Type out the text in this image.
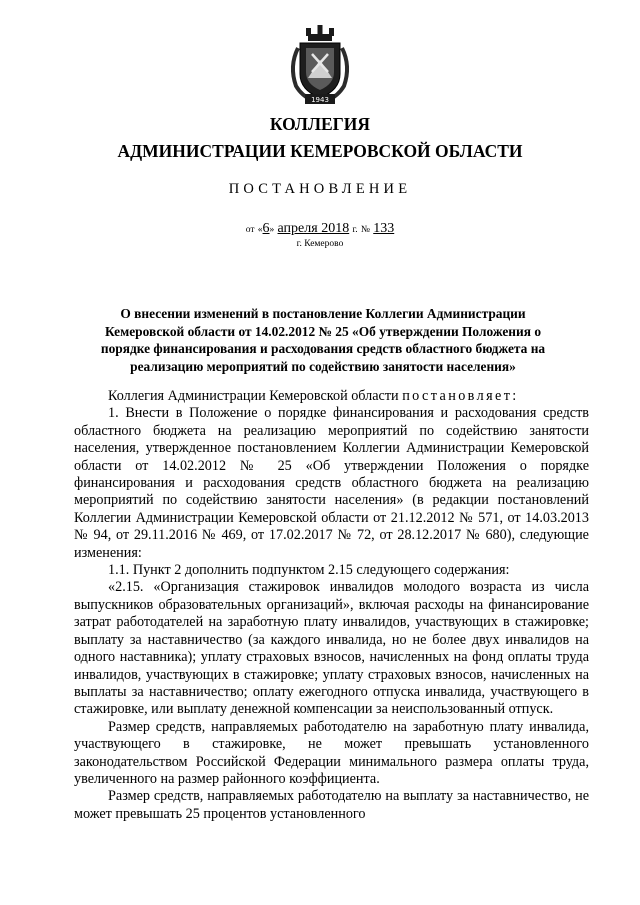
1943
КОЛЛЕГИЯ
АДМИНИСТРАЦИИ КЕМЕРОВСКОЙ ОБЛАСТИ
ПОСТАНОВЛЕНИЕ
от «6» апреля 2018 г. № 133
г. Кемерово
О внесении изменений в постановление Коллегии Администрации Кемеровской области от 14.02.2012 № 25 «Об утверждении Положения о порядке финансирования и расходования средств областного бюджета на реализацию мероприятий по содействию занятости населения»

Коллегия Администрации Кемеровской области постановляет:

1. Внести в Положение о порядке финансирования и расходования средств областного бюджета на реализацию мероприятий по содействию занятости населения, утвержденное постановлением Коллегии Администрации Кемеровской области от 14.02.2012 № 25 «Об утверждении Положения о порядке финансирования и расходования средств областного бюджета на реализацию мероприятий по содействию занятости населения» (в редакции постановлений Коллегии Администрации Кемеровской области от 21.12.2012 № 571, от 14.03.2013 № 94, от 29.11.2016 № 469, от 17.02.2017 № 72, от 28.12.2017 № 680), следующие изменения:

1.1. Пункт 2 дополнить подпунктом 2.15 следующего содержания:

«2.15. «Организация стажировок инвалидов молодого возраста из числа выпускников образовательных организаций», включая расходы на финансирование затрат работодателей на заработную плату инвалидов, участвующих в стажировке; выплату за наставничество (за каждого инвалида, но не более двух инвалидов на одного наставника); уплату страховых взносов, начисленных на фонд оплаты труда инвалидов, участвующих в стажировке; уплату страховых взносов, начисленных на выплаты за наставничество; оплату ежегодного отпуска инвалида, участвующего в стажировке, или выплату денежной компенсации за неиспользованный отпуск.

Размер средств, направляемых работодателю на заработную плату инвалида, участвующего в стажировке, не может превышать установленного законодательством Российской Федерации минимального размера оплаты труда, увеличенного на размер районного коэффициента.

Размер средств, направляемых работодателю на выплату за наставничество, не может превышать 25 процентов установленного
